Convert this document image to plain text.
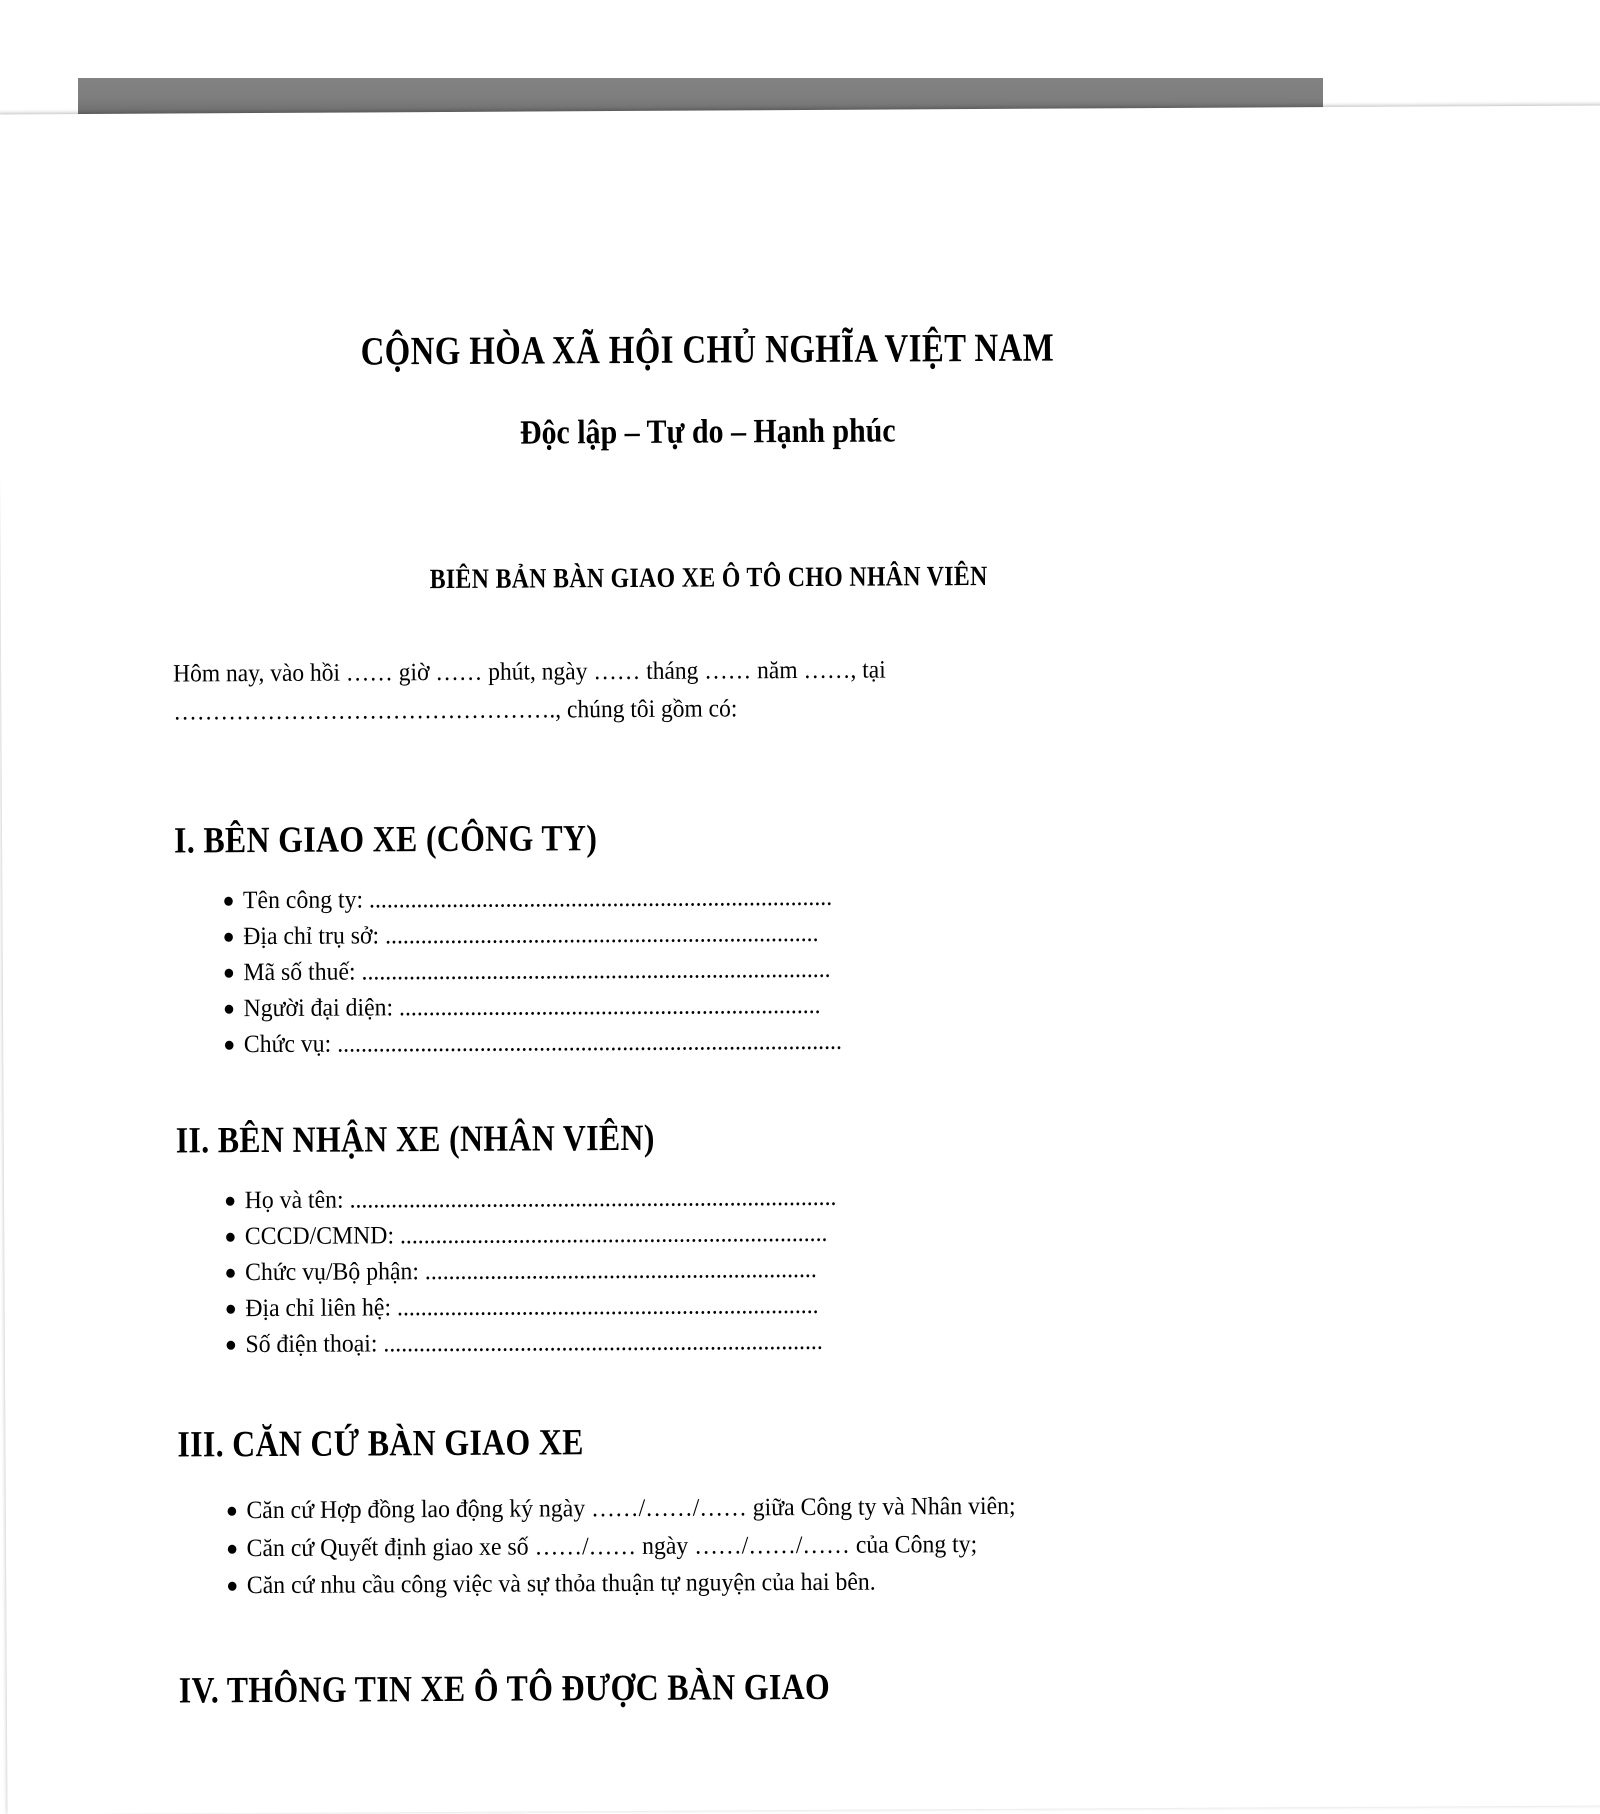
CỘNG HÒA XÃ HỘI CHỦ NGHĨA VIỆT NAM
Độc lập – Tự do – Hạnh phúc
BIÊN BẢN BÀN GIAO XE Ô TÔ CHO NHÂN VIÊN
Hôm nay, vào hồi …… giờ …… phút, ngày …… tháng …… năm ……, tại
…………………………………………., chúng tôi gồm có:
I. BÊN GIAO XE (CÔNG TY)
● Tên công ty: ..............................................................................
● Địa chỉ trụ sở: .........................................................................
● Mã số thuế: ...............................................................................
● Người đại diện: .......................................................................
● Chức vụ: .....................................................................................
II. BÊN NHẬN XE (NHÂN VIÊN)
● Họ và tên: ..................................................................................
● CCCD/CMND: ........................................................................
● Chức vụ/Bộ phận: ..................................................................
● Địa chỉ liên hệ: .......................................................................
● Số điện thoại: ..........................................................................
III. CĂN CỨ BÀN GIAO XE
● Căn cứ Hợp đồng lao động ký ngày ……/……/…… giữa Công ty và Nhân viên;
● Căn cứ Quyết định giao xe số ……/…… ngày ……/……/…… của Công ty;
● Căn cứ nhu cầu công việc và sự thỏa thuận tự nguyện của hai bên.
IV. THÔNG TIN XE Ô TÔ ĐƯỢC BÀN GIAO
